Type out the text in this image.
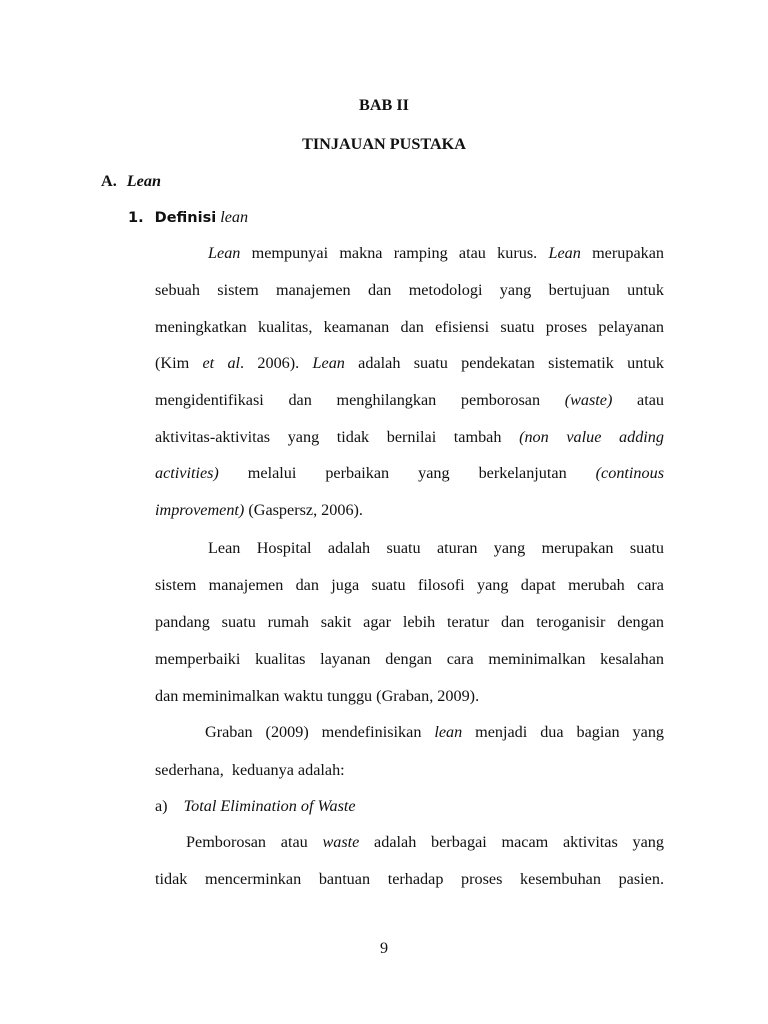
BAB II
TINJAUAN PUSTAKA
A. Lean
1. Definisi lean
Lean mempunyai makna ramping atau kurus. Lean merupakan
sebuah sistem manajemen dan metodologi yang bertujuan untuk
meningkatkan kualitas, keamanan dan efisiensi suatu proses pelayanan
(Kim et al. 2006). Lean adalah suatu pendekatan sistematik untuk
mengidentifikasi dan menghilangkan pemborosan (waste) atau
aktivitas-aktivitas yang tidak bernilai tambah (non value adding
activities) melalui perbaikan yang berkelanjutan (continous
improvement) (Gaspersz, 2006).
Lean Hospital adalah suatu aturan yang merupakan suatu
sistem manajemen dan juga suatu filosofi yang dapat merubah cara
pandang suatu rumah sakit agar lebih teratur dan teroganisir dengan
memperbaiki kualitas layanan dengan cara meminimalkan kesalahan
dan meminimalkan waktu tunggu (Graban, 2009).
Graban (2009) mendefinisikan lean menjadi dua bagian yang
sederhana,  keduanya adalah:
a) Total Elimination of Waste
Pemborosan atau waste adalah berbagai macam aktivitas yang
tidak mencerminkan bantuan terhadap proses kesembuhan pasien.
9
